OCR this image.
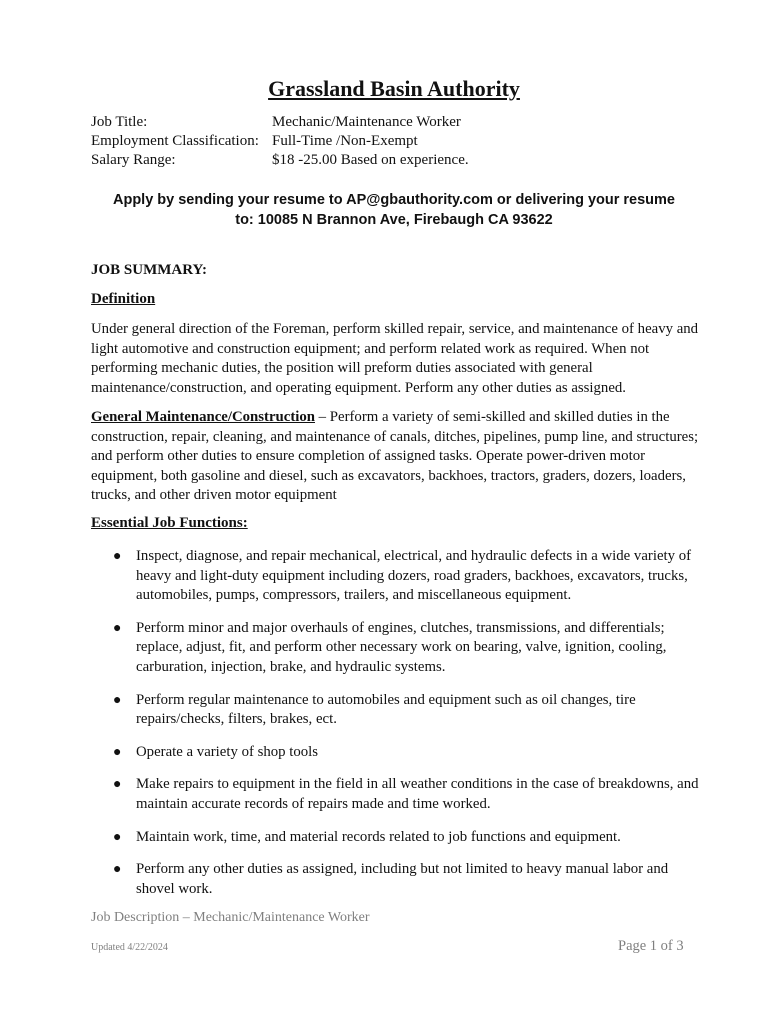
Grassland Basin Authority
Job Title:	Mechanic/Maintenance Worker
Employment Classification: Full-Time /Non-Exempt
Salary Range:	$18 -25.00 Based on experience.
Apply by sending your resume to AP@gbauthority.com or delivering your resume
to: 10085 N Brannon Ave, Firebaugh CA 93622
JOB SUMMARY:
Definition
Under general direction of the Foreman, perform skilled repair, service, and maintenance of heavy and light automotive and construction equipment; and perform related work as required. When not performing mechanic duties, the position will preform duties associated with general maintenance/construction, and operating equipment. Perform any other duties as assigned.
General Maintenance/Construction – Perform a variety of semi-skilled and skilled duties in the construction, repair, cleaning, and maintenance of canals, ditches, pipelines, pump line, and structures; and perform other duties to ensure completion of assigned tasks. Operate power-driven motor equipment, both gasoline and diesel, such as excavators, backhoes, tractors, graders, dozers, loaders, trucks, and other driven motor equipment
Essential Job Functions:
● Inspect, diagnose, and repair mechanical, electrical, and hydraulic defects in a wide variety of heavy and light-duty equipment including dozers, road graders, backhoes, excavators, trucks, automobiles, pumps, compressors, trailers, and miscellaneous equipment.
● Perform minor and major overhauls of engines, clutches, transmissions, and differentials; replace, adjust, fit, and perform other necessary work on bearing, valve, ignition, cooling, carburation, injection, brake, and hydraulic systems.
● Perform regular maintenance to automobiles and equipment such as oil changes, tire repairs/checks, filters, brakes, ect.
● Operate a variety of shop tools
● Make repairs to equipment in the field in all weather conditions in the case of breakdowns, and maintain accurate records of repairs made and time worked.
● Maintain work, time, and material records related to job functions and equipment.
● Perform any other duties as assigned, including but not limited to heavy manual labor and shovel work.
Job Description – Mechanic/Maintenance Worker
Updated 4/22/2024	Page 1 of 3
